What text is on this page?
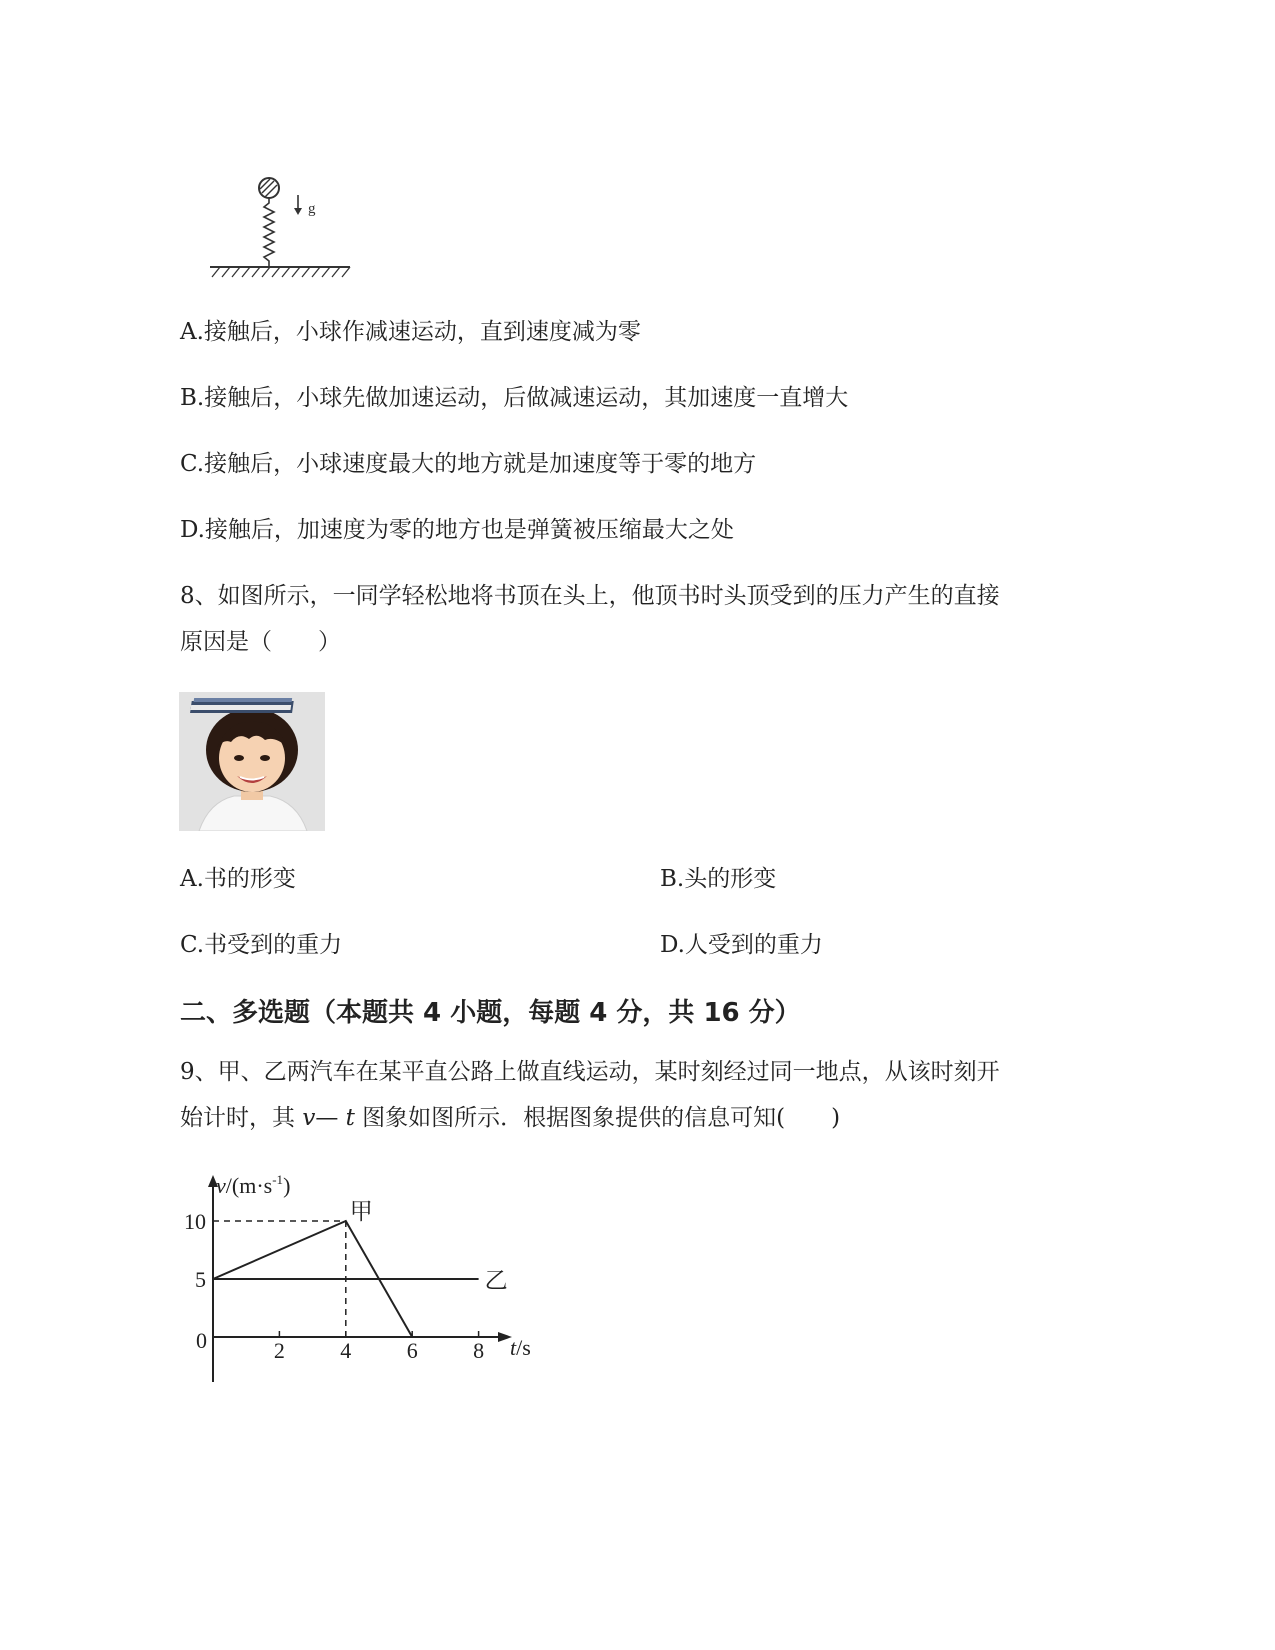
g
A.接触后，小球作减速运动，直到速度减为零
B.接触后，小球先做加速运动，后做减速运动，其加速度一直增大
C.接触后，小球速度最大的地方就是加速度等于零的地方
D.接触后，加速度为零的地方也是弹簧被压缩最大之处
8、如图所示，一同学轻松地将书顶在头上，他顶书时头顶受到的压力产生的直接
原因是（　　）
A.书的形变	B.头的形变
C.书受到的重力	D.人受到的重力
二、多选题（本题共 4 小题，每题 4 分，共 16 分）
9、甲、乙两汽车在某平直公路上做直线运动，某时刻经过同一地点，从该时刻开
始计时，其 v— t 图象如图所示．根据图象提供的信息可知(　　)
$v/(m\cdot s^{-1})$
t/s
0	2	4	6	8
5
10	甲
乙
